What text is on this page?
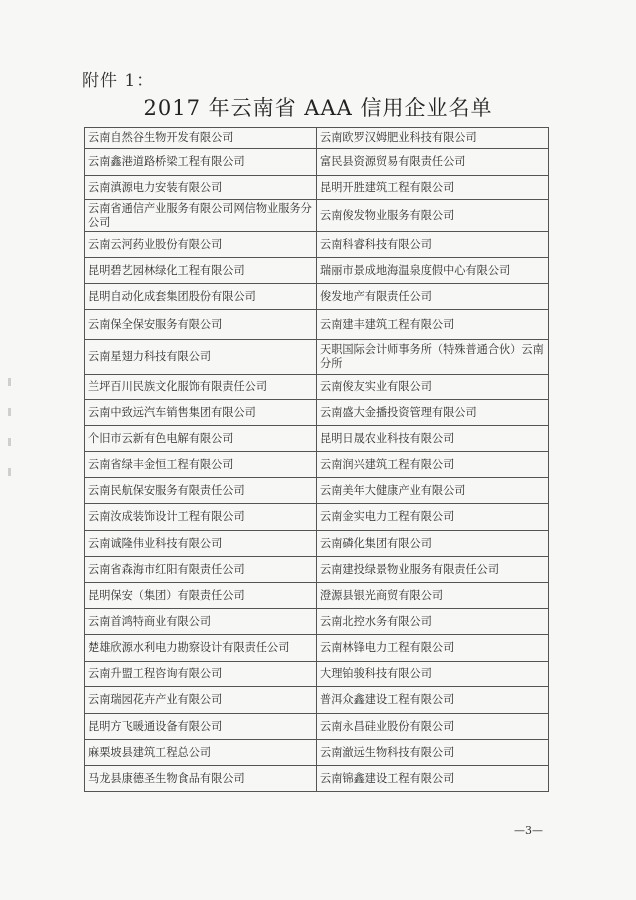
附件 1：
2017 年云南省 AAA 信用企业名单
云南自然谷生物开发有限公司	云南欧罗汉姆肥业科技有限公司
云南鑫港道路桥梁工程有限公司	富民县资源贸易有限责任公司
云南滇源电力安装有限公司	昆明开胜建筑工程有限公司
云南省通信产业服务有限公司网信物业服务分公司	云南俊发物业服务有限公司
云南云河药业股份有限公司	云南科睿科技有限公司
昆明碧艺园林绿化工程有限公司	瑞丽市景成地海温泉度假中心有限公司
昆明自动化成套集团股份有限公司	俊发地产有限责任公司
云南保全保安服务有限公司	云南建丰建筑工程有限公司
云南星翅力科技有限公司	天职国际会计师事务所（特殊普通合伙）云南分所
兰坪百川民族文化服饰有限责任公司	云南俊友实业有限公司
云南中致远汽车销售集团有限公司	云南盛大金播投资管理有限公司
个旧市云新有色电解有限公司	昆明日晟农业科技有限公司
云南省绿丰金恒工程有限公司	云南润兴建筑工程有限公司
云南民航保安服务有限责任公司	云南美年大健康产业有限公司
云南汝成装饰设计工程有限公司	云南金实电力工程有限公司
云南诚隆伟业科技有限公司	云南磷化集团有限公司
云南省森海市红阳有限责任公司	云南建投绿景物业服务有限责任公司
昆明保安（集团）有限责任公司	澄源县银光商贸有限公司
云南首鸿特商业有限公司	云南北控水务有限公司
楚雄欣源水利电力勘察设计有限责任公司	云南林锋电力工程有限公司
云南升盟工程咨询有限公司	大理铂骏科技有限公司
云南瑞园花卉产业有限公司	普洱众鑫建设工程有限公司
昆明方飞暖通设备有限公司	云南永昌硅业股份有限公司
麻栗坡县建筑工程总公司	云南澈远生物科技有限公司
马龙县康德圣生物食品有限公司	云南锦鑫建设工程有限公司
—3—
